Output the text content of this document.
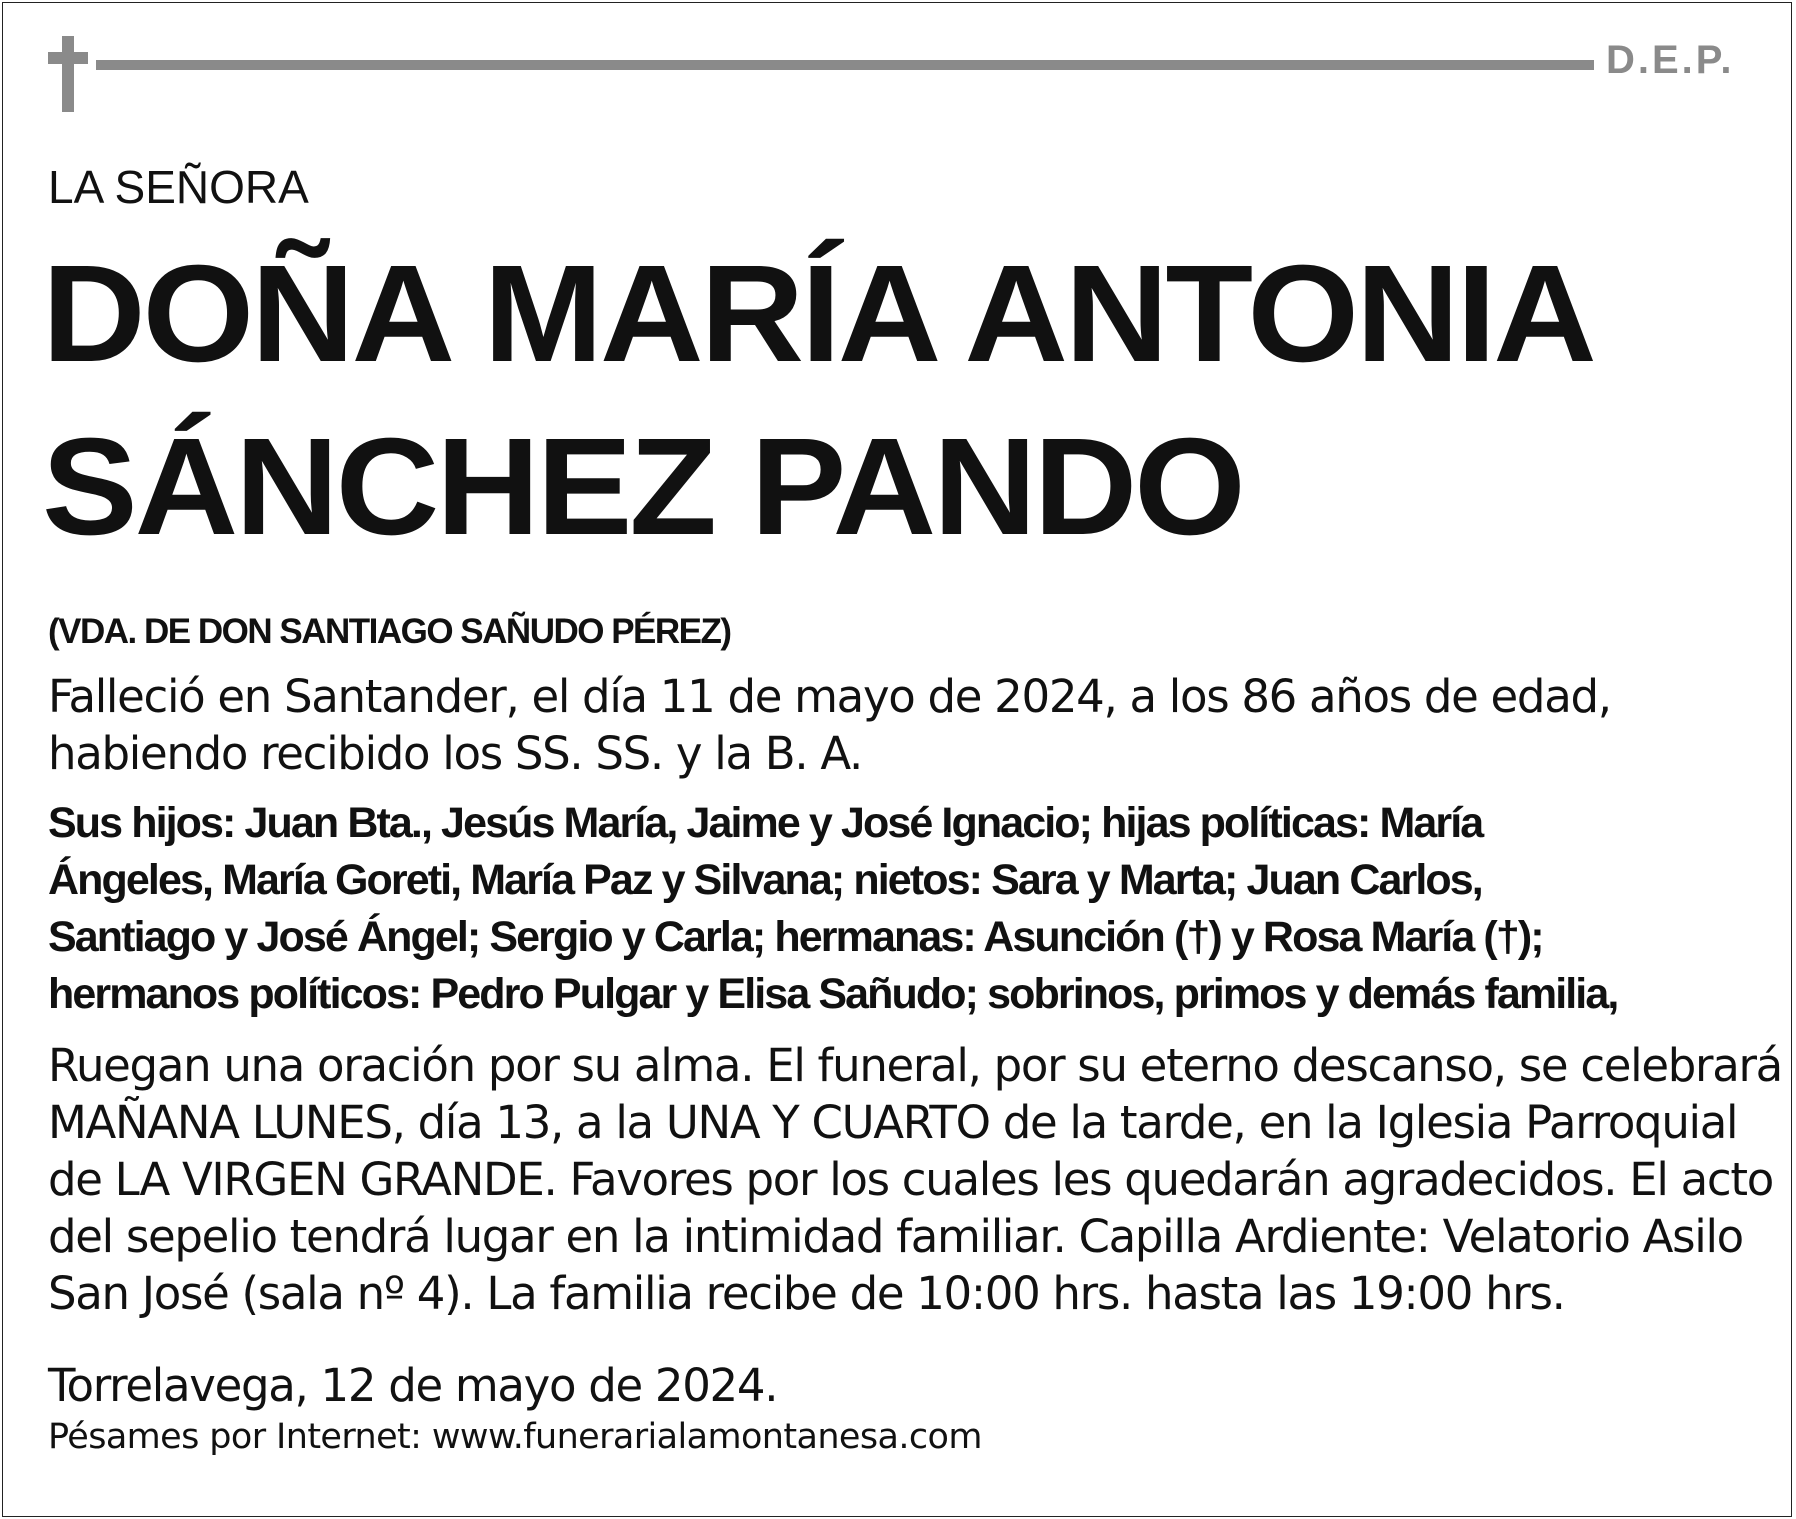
D.E.P.
LA SEÑORA
DOÑA MARÍA ANTONIA
SÁNCHEZ PANDO
(VDA. DE DON SANTIAGO SAÑUDO PÉREZ)
Falleció en Santander, el día 11 de mayo de 2024, a los 86 años de edad,
habiendo recibido los SS. SS. y la B. A.
Sus hijos: Juan Bta., Jesús María, Jaime y José Ignacio; hijas políticas: María
Ángeles, María Goreti, María Paz y Silvana; nietos: Sara y Marta; Juan Carlos,
Santiago y José Ángel; Sergio y Carla; hermanas: Asunción (†) y Rosa María (†);
hermanos políticos: Pedro Pulgar y Elisa Sañudo; sobrinos, primos y demás familia,
Ruegan una oración por su alma. El funeral, por su eterno descanso, se celebrará
MAÑANA LUNES, día 13, a la UNA Y CUARTO de la tarde, en la Iglesia Parroquial
de LA VIRGEN GRANDE. Favores por los cuales les quedarán agradecidos. El acto
del sepelio tendrá lugar en la intimidad familiar. Capilla Ardiente: Velatorio Asilo
San José (sala nº 4). La familia recibe de 10:00 hrs. hasta las 19:00 hrs.
Torrelavega, 12 de mayo de 2024.
Pésames por Internet: www.funerarialamontanesa.com
